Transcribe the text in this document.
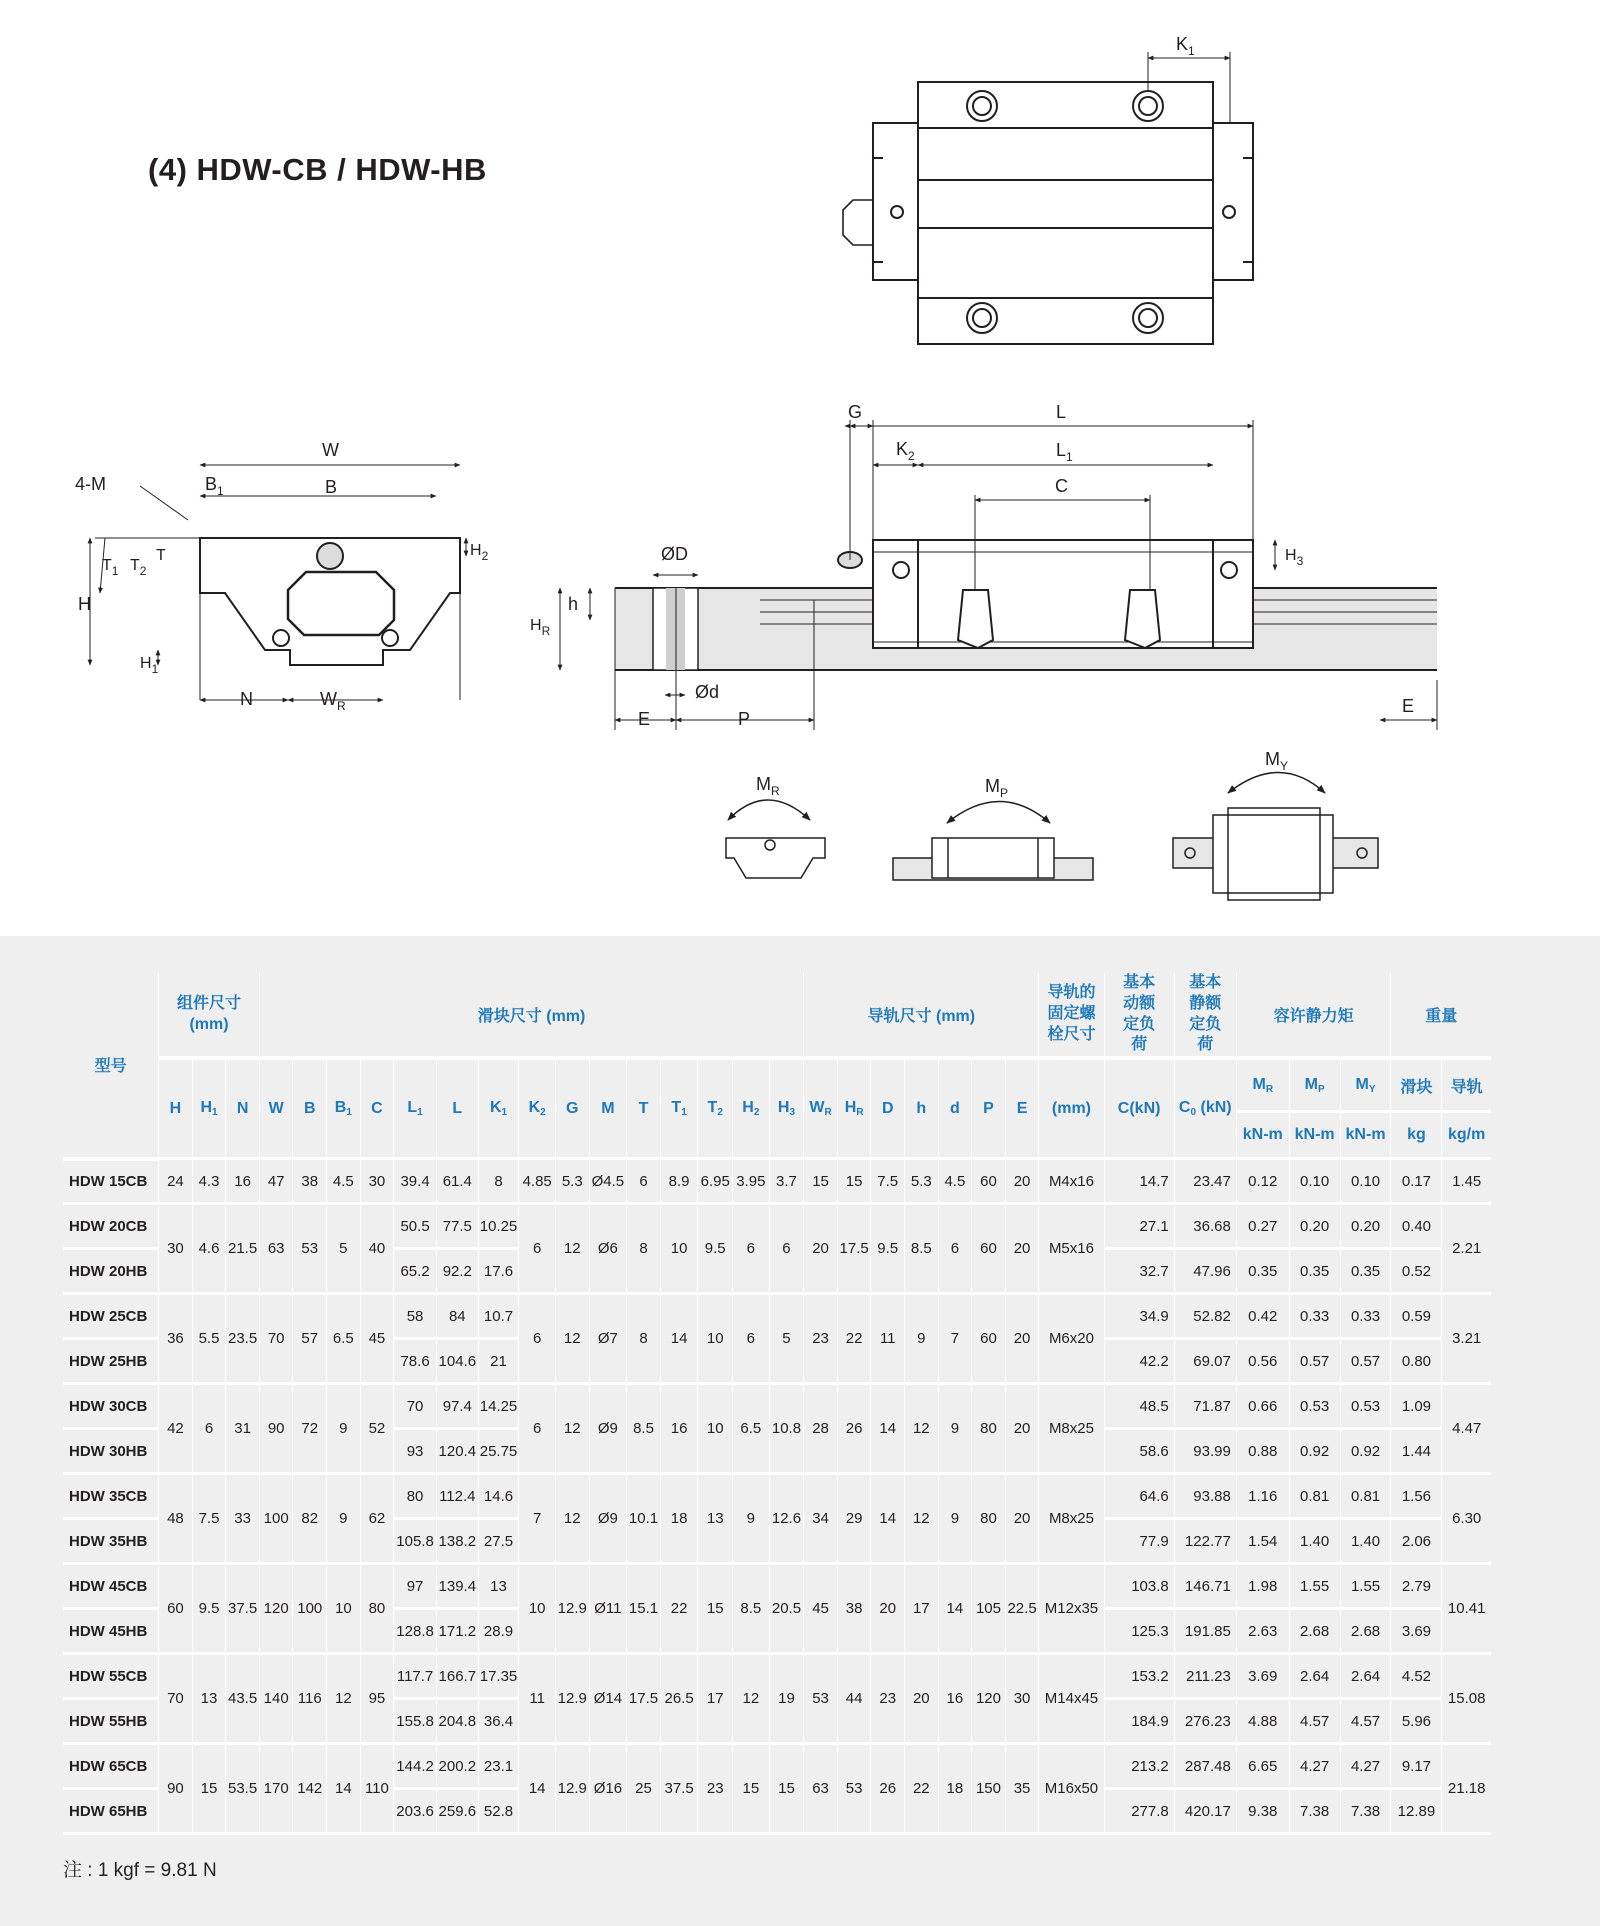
(4) HDW-CB / HDW-HB
$K_1$
W
$B_1$	B
4-M
H
$T_1$ $T_2$
T	$H_2$
$H_1$
N	$W_R$
G	L
$K_2$	$L_1$
C
$H_3$
ØD
$H_R$
h
Ød
E	P
E
$M_R$	$M_P$
$M_Y$
型号	组件尺寸 (mm)			滑块尺寸 (mm)															导轨尺寸 (mm)							导轨的固定螺栓尺寸	基本动额定负荷	基本静额定负荷	容许静力矩			重量	
	H	$H_1$	N	W	B	$B_1$	C	$L_1$	L	$K_1$	$K_2$	G	M	T	$T_1$	$T_2$	$H_2$	$H_3$	$W_R$	$H_R$	D	h	d	P	E	(mm)	C(kN)	$C_0$ (kN)	$M_R$	$M_P$	$M_Y$	滑块	导轨
																													kN-m	kN-m	kN-m	kg	kg/m
HDW 15CB	24	4.3	16	47	38	4.5	30	39.4	61.4	8	4.85	5.3	Ø4.5	6	8.9	6.95	3.95	3.7	15	15	7.5	5.3	4.5	60	20	M4x16	14.7	23.47	0.12	0.10	0.10	0.17	1.45
HDW 20CB	30	4.6	21.5	63	53	5	40	50.5	77.5	10.25	6	12	Ø6	8	10	9.5	6	6	20	17.5	9.5	8.5	6	60	20	M5x16	27.1	36.68	0.27	0.20	0.20	0.40	2.21
HDW 20HB								65.2	92.2	17.6																	32.7	47.96	0.35	0.35	0.35	0.52	
HDW 25CB	36	5.5	23.5	70	57	6.5	45	58	84	10.7	6	12	Ø7	8	14	10	6	5	23	22	11	9	7	60	20	M6x20	34.9	52.82	0.42	0.33	0.33	0.59	3.21
HDW 25HB								78.6	104.6	21																	42.2	69.07	0.56	0.57	0.57	0.80	
HDW 30CB	42	6	31	90	72	9	52	70	97.4	14.25	6	12	Ø9	8.5	16	10	6.5	10.8	28	26	14	12	9	80	20	M8x25	48.5	71.87	0.66	0.53	0.53	1.09	4.47
HDW 30HB								93	120.4	25.75																	58.6	93.99	0.88	0.92	0.92	1.44	
HDW 35CB	48	7.5	33	100	82	9	62	80	112.4	14.6	7	12	Ø9	10.1	18	13	9	12.6	34	29	14	12	9	80	20	M8x25	64.6	93.88	1.16	0.81	0.81	1.56	6.30
HDW 35HB								105.8	138.2	27.5																	77.9	122.77	1.54	1.40	1.40	2.06	
HDW 45CB	60	9.5	37.5	120	100	10	80	97	139.4	13	10	12.9	Ø11	15.1	22	15	8.5	20.5	45	38	20	17	14	105	22.5	M12x35	103.8	146.71	1.98	1.55	1.55	2.79	10.41
HDW 45HB								128.8	171.2	28.9																	125.3	191.85	2.63	2.68	2.68	3.69	
HDW 55CB	70	13	43.5	140	116	12	95	117.7	166.7	17.35	11	12.9	Ø14	17.5	26.5	17	12	19	53	44	23	20	16	120	30	M14x45	153.2	211.23	3.69	2.64	2.64	4.52	15.08
HDW 55HB								155.8	204.8	36.4																	184.9	276.23	4.88	4.57	4.57	5.96	
HDW 65CB	90	15	53.5	170	142	14	110	144.2	200.2	23.1	14	12.9	Ø16	25	37.5	23	15	15	63	53	26	22	18	150	35	M16x50	213.2	287.48	6.65	4.27	4.27	9.17	21.18
HDW 65HB								203.6	259.6	52.8																	277.8	420.17	9.38	7.38	7.38	12.89	
注 : 1 kgf = 9.81 N
